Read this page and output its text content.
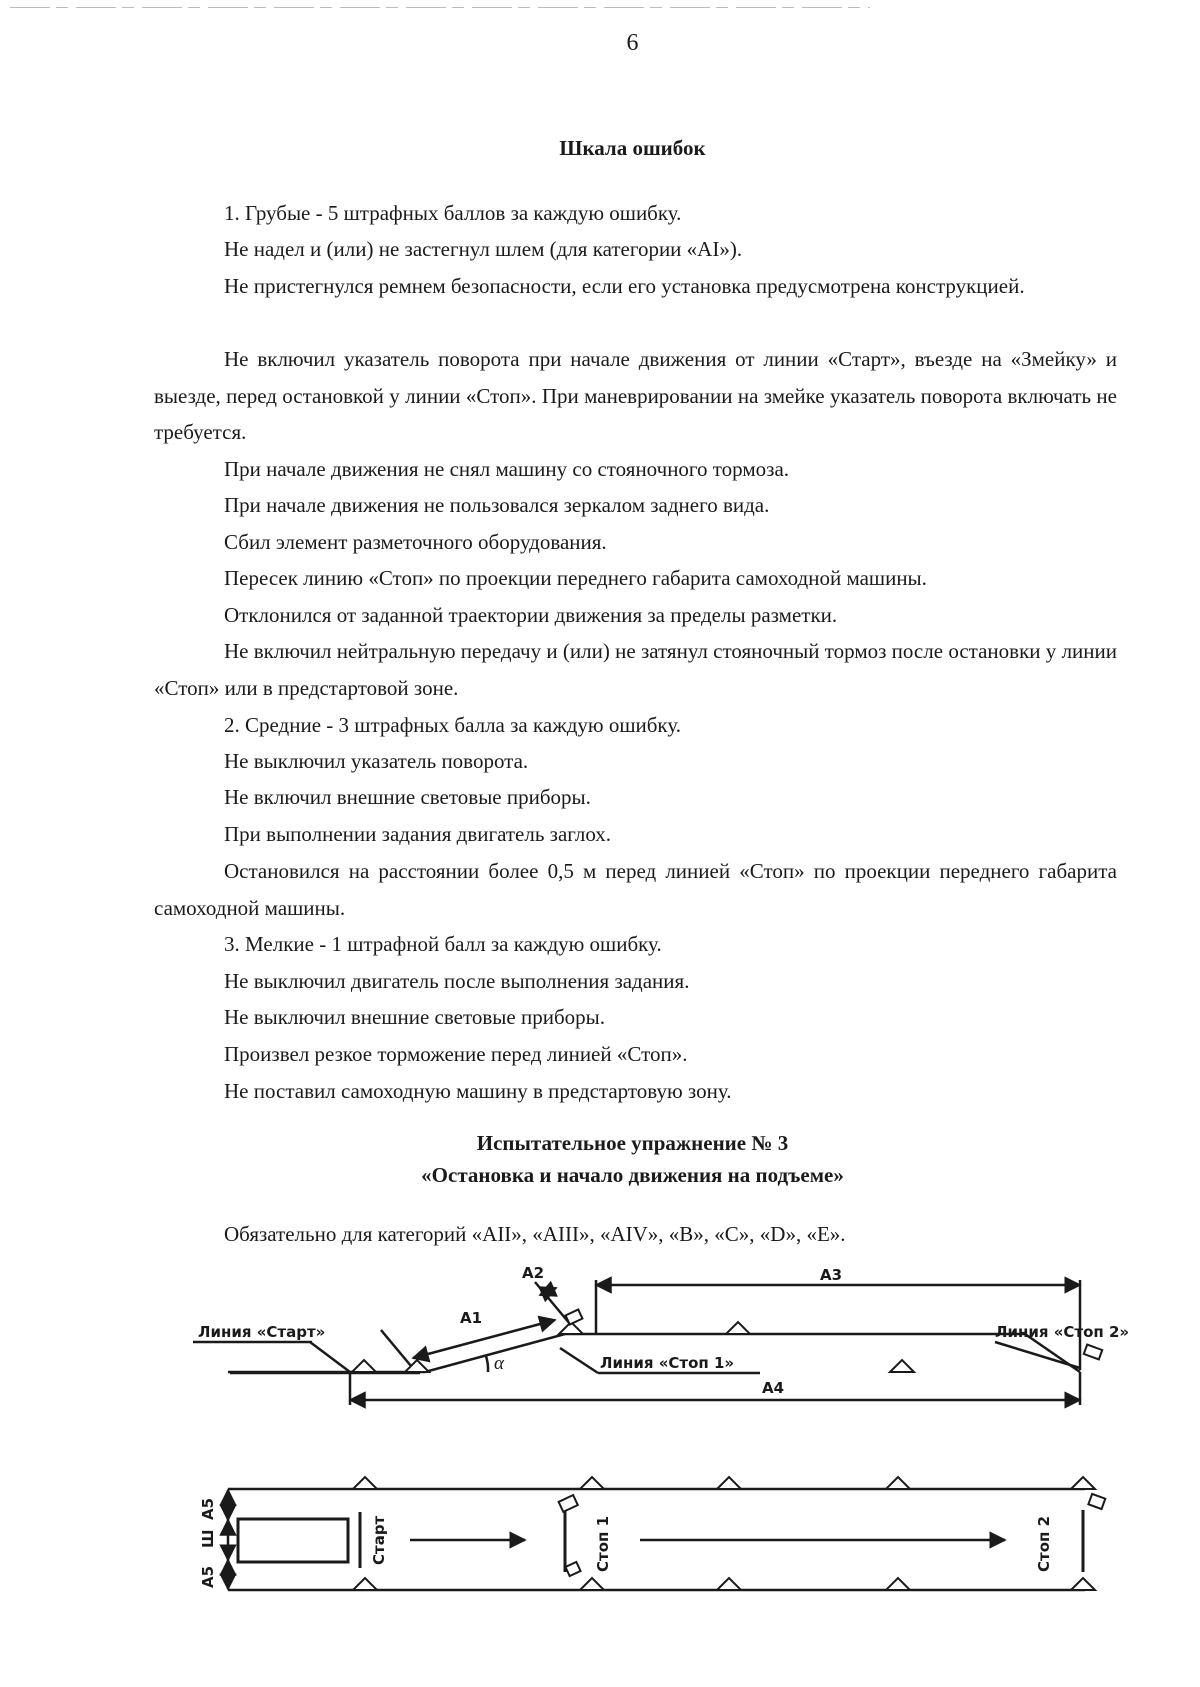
6
Шкала ошибок
1. Грубые - 5 штрафных баллов за каждую ошибку.
Не надел и (или) не застегнул шлем (для категории «AI»).
Не пристегнулся ремнем безопасности, если его установка предусмотрена конструкцией.
Не включил указатель поворота при начале движения от линии «Старт», въезде на «Змейку» и выезде, перед остановкой у линии «Стоп». При маневрировании на змейке указатель поворота включать не требуется.
При начале движения не снял машину со стояночного тормоза.
При начале движения не пользовался зеркалом заднего вида.
Сбил элемент разметочного оборудования.
Пересек линию «Стоп» по проекции переднего габарита самоходной машины.
Отклонился от заданной траектории движения за пределы разметки.
Не включил нейтральную передачу и (или) не затянул стояночный тормоз после остановки у линии «Стоп» или в предстартовой зоне.
2. Средние - 3 штрафных балла за каждую ошибку.
Не выключил указатель поворота.
Не включил внешние световые приборы.
При выполнении задания двигатель заглох.
Остановился на расстоянии более 0,5 м перед линией «Стоп» по проекции переднего габарита самоходной машины.
3. Мелкие - 1 штрафной балл за каждую ошибку.
Не выключил двигатель после выполнения задания.
Не выключил внешние световые приборы.
Произвел резкое торможение перед линией «Стоп».
Не поставил самоходную машину в предстартовую зону.
Испытательное упражнение № 3
«Остановка и начало движения на подъеме»
Обязательно для категорий «AII», «AIII», «AIV», «B», «C», «D», «E».
Линия «Старт»
Линия «Стоп 1»
Линия «Стоп 2»
А1
А2	А3
А4
α
А5
Ш
А5
Старт	Стоп 1	Стоп 2
